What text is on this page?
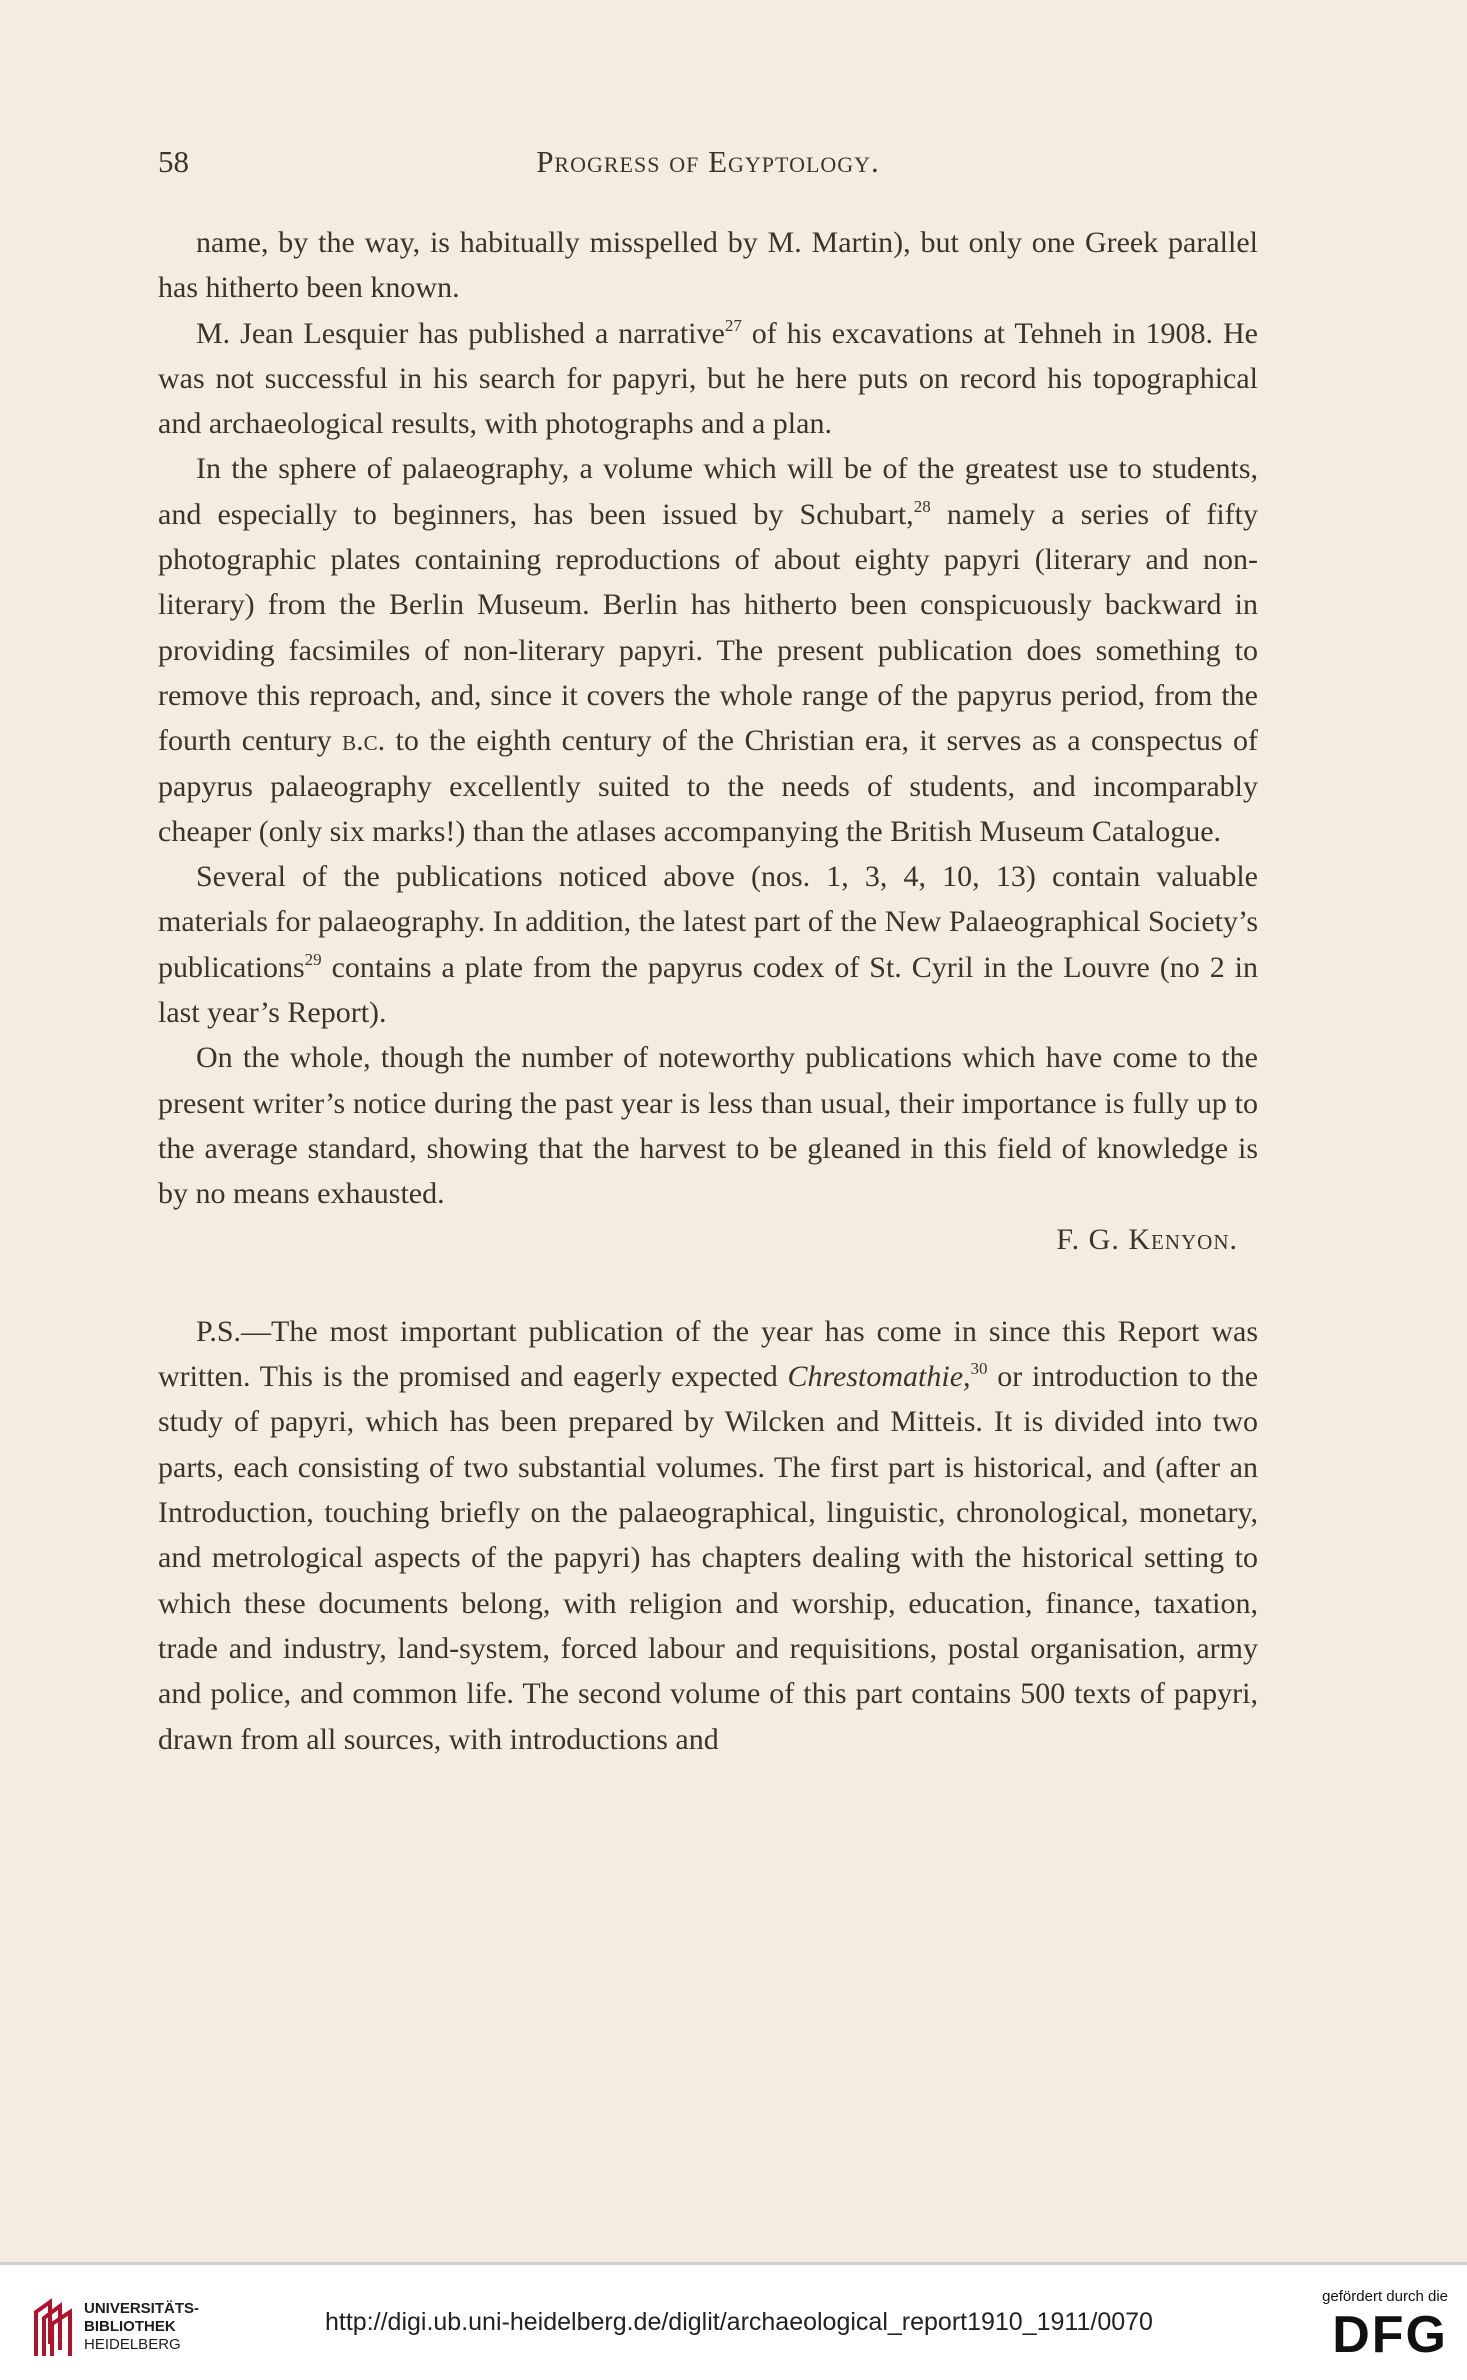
58	Progress of Egyptology.

name, by the way, is habitually misspelled by M. Martin), but only one Greek parallel has hitherto been known.

M. Jean Lesquier has published a narrative$^{27}$ of his excavations at Tehneh in 1908. He was not successful in his search for papyri, but he here puts on record his topographical and archaeological results, with photographs and a plan.

In the sphere of palaeography, a volume which will be of the greatest use to students, and especially to beginners, has been issued by Schubart,$^{28}$ namely a series of fifty photographic plates containing reproductions of about eighty papyri (literary and non-literary) from the Berlin Museum. Berlin has hitherto been conspicuously backward in providing facsimiles of non-literary papyri. The present publication does something to remove this reproach, and, since it covers the whole range of the papyrus period, from the fourth century b.c. to the eighth century of the Christian era, it serves as a conspectus of papyrus palaeography excellently suited to the needs of students, and incomparably cheaper (only six marks!) than the atlases accompanying the British Museum Catalogue.

Several of the publications noticed above (nos. 1, 3, 4, 10, 13) contain valuable materials for palaeography. In addition, the latest part of the New Palaeographical Society’s publications$^{29}$ contains a plate from the papyrus codex of St. Cyril in the Louvre (no 2 in last year’s Report).

On the whole, though the number of noteworthy publications which have come to the present writer’s notice during the past year is less than usual, their importance is fully up to the average standard, showing that the harvest to be gleaned in this field of knowledge is by no means exhausted.

F. G. Kenyon.

P.S.—The most important publication of the year has come in since this Report was written. This is the promised and eagerly expected Chrestomathie,$^{30}$ or introduction to the study of papyri, which has been prepared by Wilcken and Mitteis. It is divided into two parts, each consisting of two substantial volumes. The first part is historical, and (after an Introduction, touching briefly on the palaeographical, linguistic, chronological, monetary, and metrological aspects of the papyri) has chapters dealing with the historical setting to which these documents belong, with religion and worship, education, finance, taxation, trade and industry, land-system, forced labour and requisitions, postal organisation, army and police, and common life. The second volume of this part contains 500 texts of papyri, drawn from all sources, with introductions and

UNIVERSITÄTS-
BIBLIOTHEK
HEIDELBERG
http://digi.ub.uni-heidelberg.de/diglit/archaeological_report1910_1911/0070
gefördert durch die
DFG
